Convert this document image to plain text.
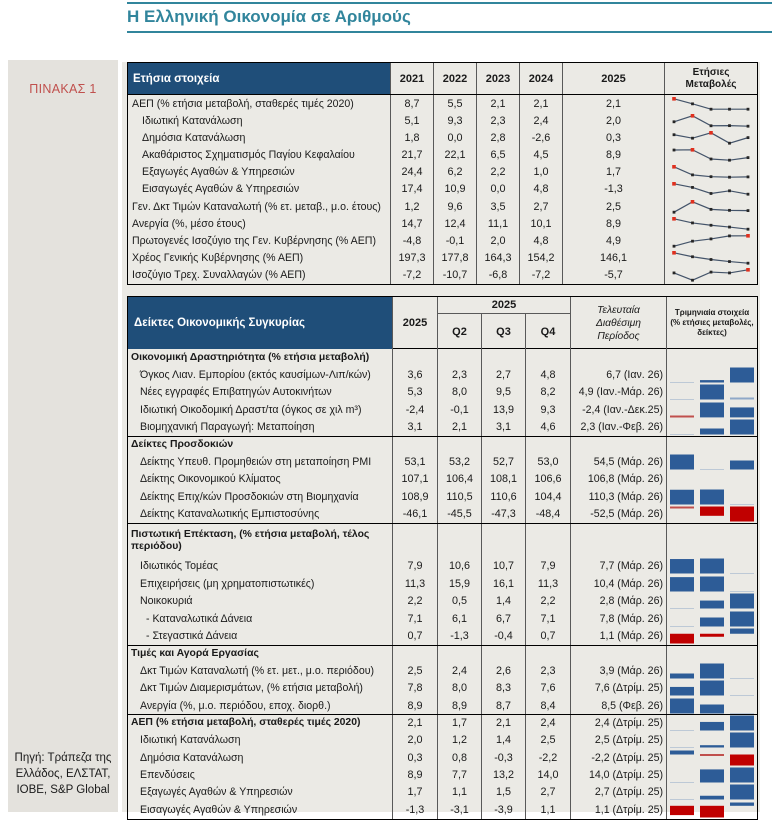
Η Ελληνική Οικονομία σε Αριθμούς
ΠΙΝΑΚΑΣ 1
Πηγή: Τράπεζα της Ελλάδος, ΕΛΣΤΑΤ, ΙΟΒΕ, S&P Global
Ετήσια στοιχεία	2021	2022	2023	2024	2025
Ετήσιες Μεταβολές
ΑΕΠ (% ετήσια μεταβολή, σταθερές τιμές 2020)	8,7	5,5	2,1	2,1	2,1
Ιδιωτική Κατανάλωση	5,1	9,3	2,3	2,4	2,0
Δημόσια Κατανάλωση	1,8	0,0	2,8	-2,6	0,3
Ακαθάριστος Σχηματισμός Παγίου Κεφαλαίου	21,7	22,1	6,5	4,5	8,9
Εξαγωγές Αγαθών & Υπηρεσιών	24,4	6,2	2,2	1,0	1,7
Εισαγωγές Αγαθών & Υπηρεσιών	17,4	10,9	0,0	4,8	-1,3
Γεν. Δκτ Τιμών Καταναλωτή (% ετ. μεταβ., μ.ο. έτους)	1,2	9,6	3,5	2,7	2,5
Ανεργία (%, μέσο έτους)	14,7	12,4	11,1	10,1	8,9
Πρωτογενές Ισοζύγιο της Γεν. Κυβέρνησης (% ΑΕΠ)	-4,8	-0,1	2,0	4,8	4,9
Χρέος Γενικής Κυβέρνησης (% ΑΕΠ)	197,3	177,8	164,3	154,2	146,1
Ισοζύγιο Τρεχ. Συναλλαγών (% ΑΕΠ)	-7,2	-10,7	-6,8	-7,2	-5,7
Δείκτες Οικονομικής Συγκυρίας	2025
2025
Q2	Q3	Q4
Τελευταία Διαθέσιμη Περίοδος
Τριμηνιαία στοιχεία (% ετήσιες μεταβολές, δείκτες)
Οικονομική Δραστηριότητα (% ετήσια μεταβολή)
Όγκος Λιαν. Εμπορίου (εκτός καυσίμων-Λιπ/κών)	3,6	2,3	2,7	4,8	6,7 (Ιαν. 26)
Νέες εγγραφές Επιβατηγών Αυτοκινήτων	5,3	8,0	9,5	8,2	4,9 (Ιαν.-Μάρ. 26)
Ιδιωτική Οικοδομική Δραστ/τα (όγκος σε χιλ m³)	-2,4	-0,1	13,9	9,3	-2,4 (Ιαν.-Δεκ.25)
Βιομηχανική Παραγωγή: Μεταποίηση	3,1	2,1	3,1	4,6	2,3 (Ιαν.-Φεβ. 26)
Δείκτες Προσδοκιών
Δείκτης Υπευθ. Προμηθειών στη μεταποίηση PMI	53,1	53,2	52,7	53,0	54,5 (Μάρ. 26)
Δείκτης Οικονομικού Κλίματος	107,1	106,4	108,1	106,6	106,8 (Μάρ. 26)
Δείκτης Επιχ/κών Προσδοκιών στη Βιομηχανία	108,9	110,5	110,6	104,4	110,3 (Μάρ. 26)
Δείκτης Καταναλωτικής Εμπιστοσύνης	-46,1	-45,5	-47,3	-48,4	-52,5 (Μάρ. 26)
Πιστωτική Επέκταση, (% ετήσια μεταβολή, τέλος περιόδου)
Ιδιωτικός Τομέας	7,9	10,6	10,7	7,9	7,7 (Μάρ. 26)
Επιχειρήσεις (μη χρηματοπιστωτικές)	11,3	15,9	16,1	11,3	10,4 (Μάρ. 26)
Νοικοκυριά	2,2	0,5	1,4	2,2	2,8 (Μάρ. 26)
- Καταναλωτικά Δάνεια	7,1	6,1	6,7	7,1	7,8 (Μάρ. 26)
- Στεγαστικά Δάνεια	0,7	-1,3	-0,4	0,7	1,1 (Μάρ. 26)
Τιμές και Αγορά Εργασίας
Δκτ Τιμών Καταναλωτή (% ετ. μετ., μ.ο. περιόδου)	2,5	2,4	2,6	2,3	3,9 (Μάρ. 26)
Δκτ Τιμών Διαμερισμάτων, (% ετήσια μεταβολή)	7,8	8,0	8,3	7,6	7,6 (Δτρίμ. 25)
Ανεργία (%, μ.ο. περιόδου, εποχ. διορθ.)	8,9	8,9	8,7	8,4	8,5 (Φεβ. 26)
ΑΕΠ (% ετήσια μεταβολή, σταθερές τιμές 2020)	2,1	1,7	2,1	2,4	2,4 (Δτρίμ. 25)
Ιδιωτική Κατανάλωση	2,0	1,2	1,4	2,5	2,5 (Δτρίμ. 25)
Δημόσια Κατανάλωση	0,3	0,8	-0,3	-2,2	-2,2 (Δτρίμ. 25)
Επενδύσεις	8,9	7,7	13,2	14,0	14,0 (Δτρίμ. 25)
Εξαγωγές Αγαθών & Υπηρεσιών	1,7	1,1	1,5	2,7	2,7 (Δτρίμ. 25)
Εισαγωγές Αγαθών & Υπηρεσιών	-1,3	-3,1	-3,9	1,1	1,1 (Δτρίμ. 25)
